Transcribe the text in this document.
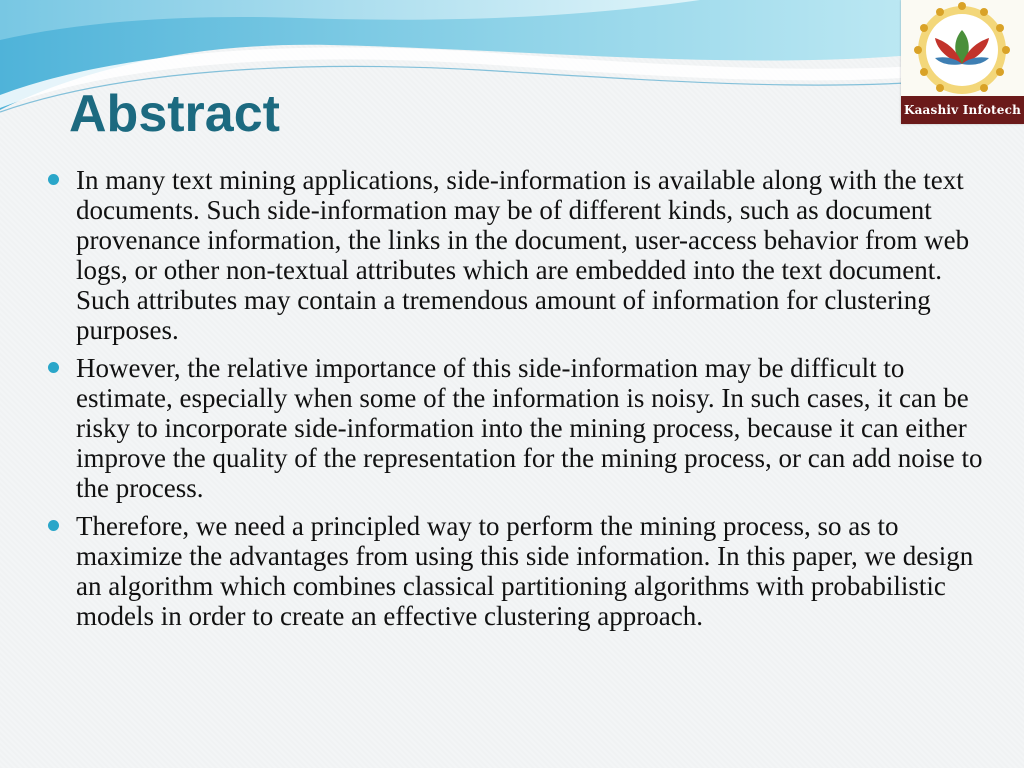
Abstract	Kaashiv Infotech
In many text mining applications, side-information is available along with the text documents. Such side-information may be of different kinds, such as document provenance information, the links in the document, user-access behavior from web logs, or other non-textual attributes which are embedded into the text document. Such attributes may contain a tremendous amount of information for clustering purposes.
However, the relative importance of this side-information may be difficult to estimate, especially when some of the information is noisy. In such cases, it can be risky to incorporate side-information into the mining process, because it can either improve the quality of the representation for the mining process, or can add noise to the process.
Therefore, we need a principled way to perform the mining process, so as to maximize the advantages from using this side information. In this paper, we design an algorithm which combines classical partitioning algorithms with probabilistic models in order to create an effective clustering approach.
